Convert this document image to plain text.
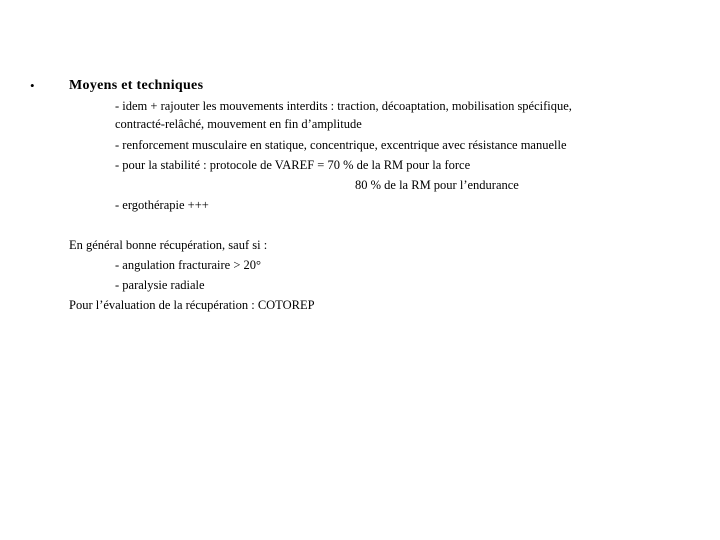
• Moyens et techniques
- idem + rajouter les mouvements interdits : traction, décoaptation, mobilisation spécifique,
contracté-relâché, mouvement en fin d’amplitude
- renforcement musculaire en statique, concentrique, excentrique avec résistance manuelle
- pour la stabilité : protocole de VAREF = 70 % de la RM pour la force
80 % de la RM pour l’endurance
- ergothérapie +++
En général bonne récupération, sauf si :
- angulation fracturaire > 20°
- paralysie radiale
Pour l’évaluation de la récupération : COTOREP
